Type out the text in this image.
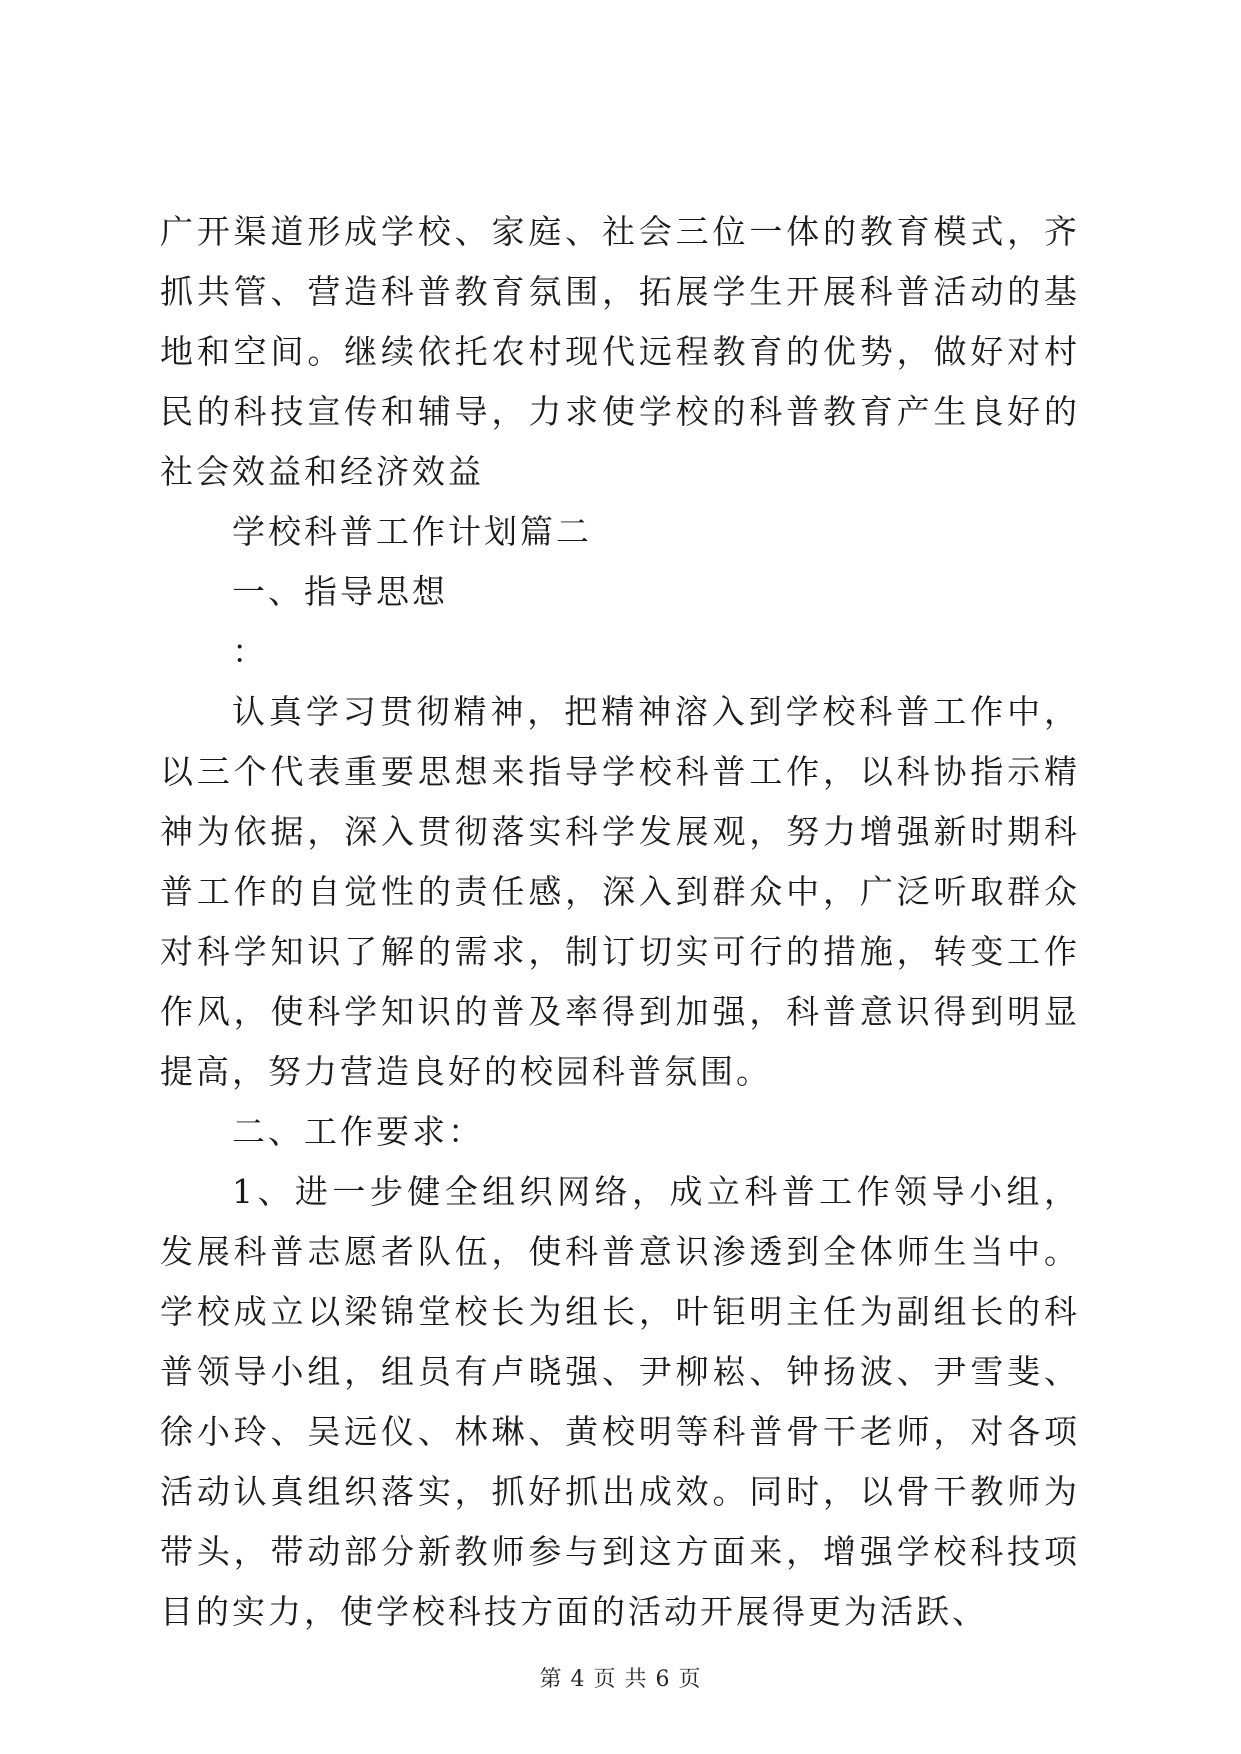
广开渠道形成学校、家庭、社会三位一体的教育模式，齐抓共管、营造科普教育氛围，拓展学生开展科普活动的基地和空间。继续依托农村现代远程教育的优势，做好对村民的科技宣传和辅导，力求使学校的科普教育产生良好的社会效益和经济效益

学校科普工作计划篇二

一、指导思想

：

认真学习贯彻精神，把精神溶入到学校科普工作中，以三个代表重要思想来指导学校科普工作，以科协指示精神为依据，深入贯彻落实科学发展观，努力增强新时期科普工作的自觉性的责任感，深入到群众中，广泛听取群众对科学知识了解的需求，制订切实可行的措施，转变工作作风，使科学知识的普及率得到加强，科普意识得到明显提高，努力营造良好的校园科普氛围。

二、工作要求：

1、进一步健全组织网络，成立科普工作领导小组，发展科普志愿者队伍，使科普意识渗透到全体师生当中。学校成立以梁锦堂校长为组长，叶钜明主任为副组长的科普领导小组，组员有卢晓强、尹柳崧、钟扬波、尹雪斐、徐小玲、吴远仪、林琳、黄校明等科普骨干老师，对各项活动认真组织落实，抓好抓出成效。同时，以骨干教师为带头，带动部分新教师参与到这方面来，增强学校科技项目的实力，使学校科技方面的活动开展得更为活跃、

第 4 页 共 6 页
